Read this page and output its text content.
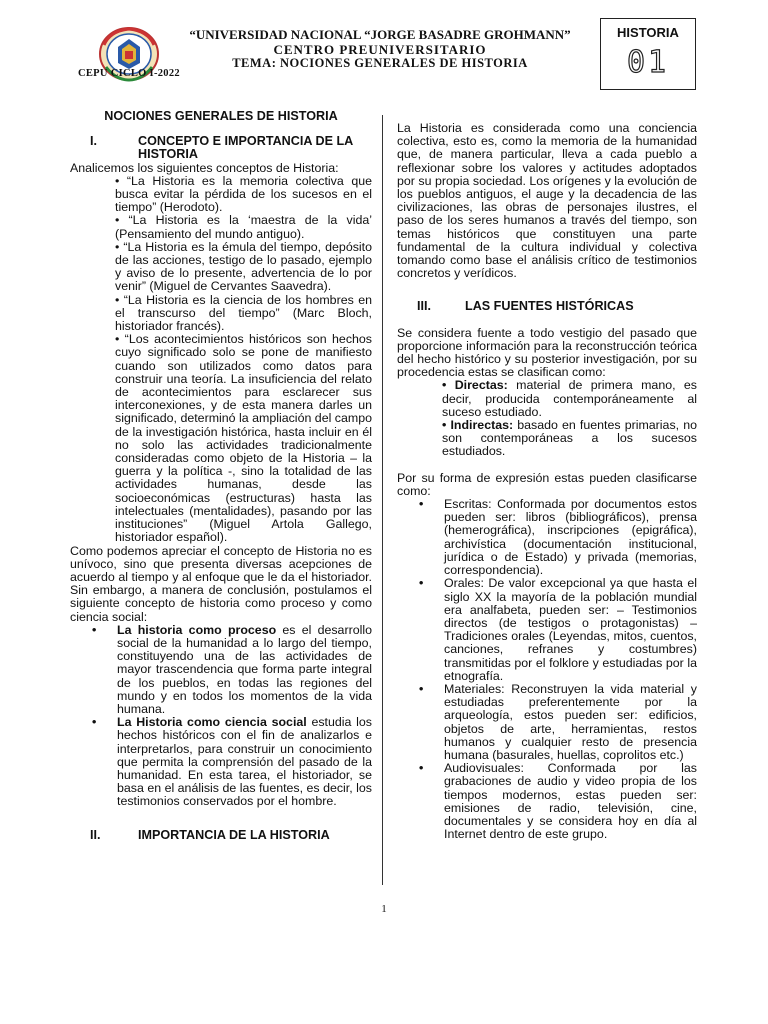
CEPU CICLO I-2022
“UNIVERSIDAD NACIONAL “JORGE BASADRE GROHMANN”
CENTRO PREUNIVERSITARIO
TEMA: NOCIONES GENERALES DE HISTORIA
HISTORIA
01
NOCIONES GENERALES DE HISTORIA
I.	CONCEPTO E IMPORTANCIA DE LA HISTORIA

Analicemos los siguientes conceptos de Historia:

• “La Historia es la memoria colectiva que busca evitar la pérdida de los sucesos en el tiempo” (Herodoto).

• “La Historia es la ‘maestra de la vida’ (Pensamiento del mundo antiguo).

• “La Historia es la émula del tiempo, depósito de las acciones, testigo de lo pasado, ejemplo y aviso de lo presente, advertencia de lo por venir” (Miguel de Cervantes Saavedra).

• “La Historia es la ciencia de los hombres en el transcurso del tiempo” (Marc Bloch, historiador francés).

• “Los acontecimientos históricos son hechos cuyo significado solo se pone de manifiesto cuando son utilizados como datos para construir una teoría. La insuficiencia del relato de acontecimientos para esclarecer sus interconexiones, y de esta manera darles un significado, determinó la ampliación del campo de la investigación histórica, hasta incluir en él no solo las actividades tradicionalmente consideradas como objeto de la Historia – la guerra y la política -, sino la totalidad de las actividades humanas, desde las socioeconómicas (estructuras) hasta las intelectuales (mentalidades), pasando por las instituciones” (Miguel Artola Gallego, historiador español).

Como podemos apreciar el concepto de Historia no es unívoco, sino que presenta diversas acepciones de acuerdo al tiempo y al enfoque que le da el historiador. Sin embargo, a manera de conclusión, postulamos el siguiente concepto de historia como proceso y como ciencia social:

• La historia como proceso es el desarrollo social de la humanidad a lo largo del tiempo, constituyendo una de las actividades de mayor trascendencia que forma parte integral de los pueblos, en todas las regiones del mundo y en todos los momentos de la vida humana.
• La Historia como ciencia social estudia los hechos históricos con el fin de analizarlos e interpretarlos, para construir un conocimiento que permita la comprensión del pasado de la humanidad. En esta tarea, el historiador, se basa en el análisis de las fuentes, es decir, los testimonios conservados por el hombre.
II.	IMPORTANCIA DE LA HISTORIA

La Historia es considerada como una conciencia colectiva, esto es, como la memoria de la humanidad que, de manera particular, lleva a cada pueblo a reflexionar sobre los valores y actitudes adoptados por su propia sociedad. Los orígenes y la evolución de los pueblos antiguos, el auge y la decadencia de las civilizaciones, las obras de personajes ilustres, el paso de los seres humanos a través del tiempo, son temas históricos que constituyen una parte fundamental de la cultura individual y colectiva tomando como base el análisis crítico de testimonios concretos y verídicos.

III.	LAS FUENTES HISTÓRICAS

Se considera fuente a todo vestigio del pasado que proporcione información para la reconstrucción teórica del hecho histórico y su posterior investigación, por su procedencia estas se clasifican como:

• Directas: material de primera mano, es decir, producida contemporáneamente al suceso estudiado.

• Indirectas: basado en fuentes primarias, no son contemporáneas a los sucesos estudiados.

Por su forma de expresión estas pueden clasificarse como:

• Escritas: Conformada por documentos estos pueden ser: libros (bibliográficos), prensa (hemerográfica), inscripciones (epigráfica), archivística (documentación institucional, jurídica o de Estado) y privada (memorias, correspondencia).
• Orales: De valor excepcional ya que hasta el siglo XX la mayoría de la población mundial era analfabeta, pueden ser: – Testimonios directos (de testigos o protagonistas) – Tradiciones orales (Leyendas, mitos, cuentos, canciones, refranes y costumbres) transmitidas por el folklore y estudiadas por la etnografía.
• Materiales: Reconstruyen la vida material y estudiadas preferentemente por la arqueología, estos pueden ser: edificios, objetos de arte, herramientas, restos humanos y cualquier resto de presencia humana (basurales, huellas, coprolitos etc.)
• Audiovisuales: Conformada por las grabaciones de audio y video propia de los tiempos modernos, estas pueden ser: emisiones de radio, televisión, cine, documentales y se considera hoy en día al Internet dentro de este grupo.
1
